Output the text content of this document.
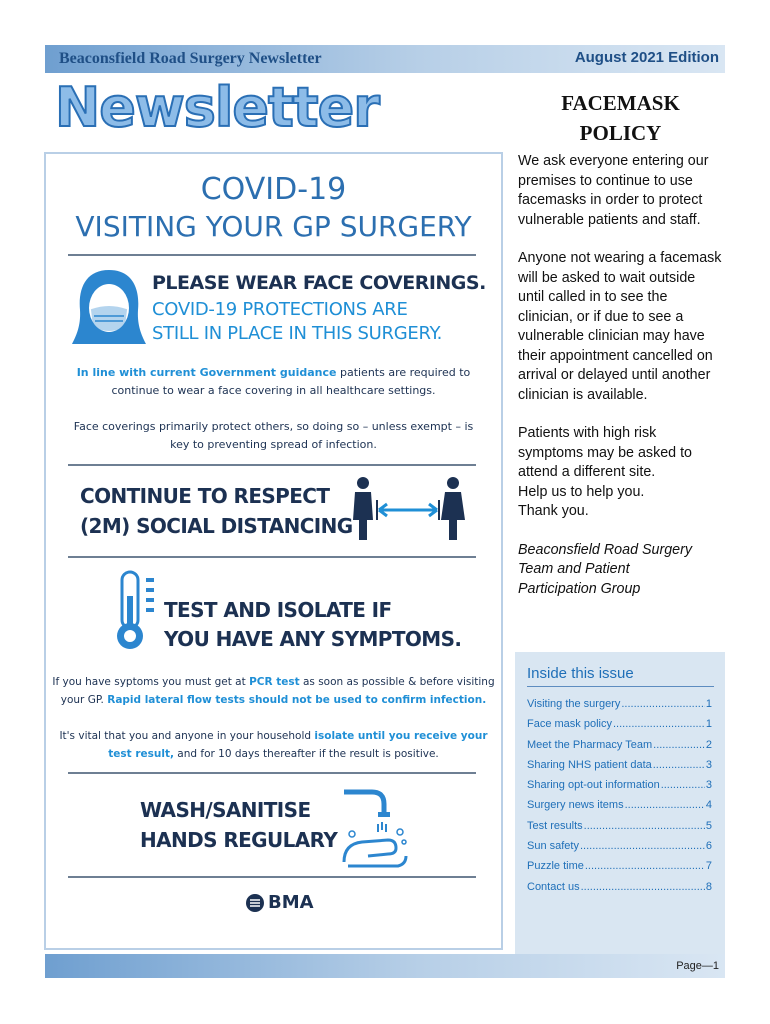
Beaconsfield Road Surgery Newsletter	August 2021 Edition
Newsletter
COVID-19
VISITING YOUR GP SURGERY
PLEASE WEAR FACE COVERINGS.
COVID-19 PROTECTIONS ARE
STILL IN PLACE IN THIS SURGERY.
In line with current Government guidance patients are required to
continue to wear a face covering in all healthcare settings.
Face coverings primarily protect others, so doing so – unless exempt – is
key to preventing spread of infection.
CONTINUE TO RESPECT
(2M) SOCIAL DISTANCING
TEST AND ISOLATE IF
YOU HAVE ANY SYMPTOMS.
If you have syptoms you must get at PCR test as soon as possible & before visiting
your GP. Rapid lateral flow tests should not be used to confirm infection.
It's vital that you and anyone in your household isolate until you receive your
test result, and for 10 days thereafter if the result is positive.
WASH/SANITISE
HANDS REGULARY
BMA
FACEMASK
POLICY

We ask everyone entering our premises to continue to use facemasks in order to protect vulnerable patients and staff.

Anyone not wearing a facemask will be asked to wait outside until called in to see the clinician, or if due to see a vulnerable clinician may have their appointment cancelled on arrival or delayed until another clinician is available.

Patients with high risk symptoms may be asked to attend a different site.

Help us to help you.

Thank you.

Beaconsfield Road Surgery

Team and Patient

Participation Group

Inside this issue
Visiting the surgery .....	1
Face mask policy .....	1
Meet the Pharmacy Team .....	2
Sharing NHS patient data .....	3
Sharing opt-out information .....	3
Surgery news items .....	4
Test results .....	5
Sun safety .....	6
Puzzle time .....	7
Contact us .....	8
Page—1
